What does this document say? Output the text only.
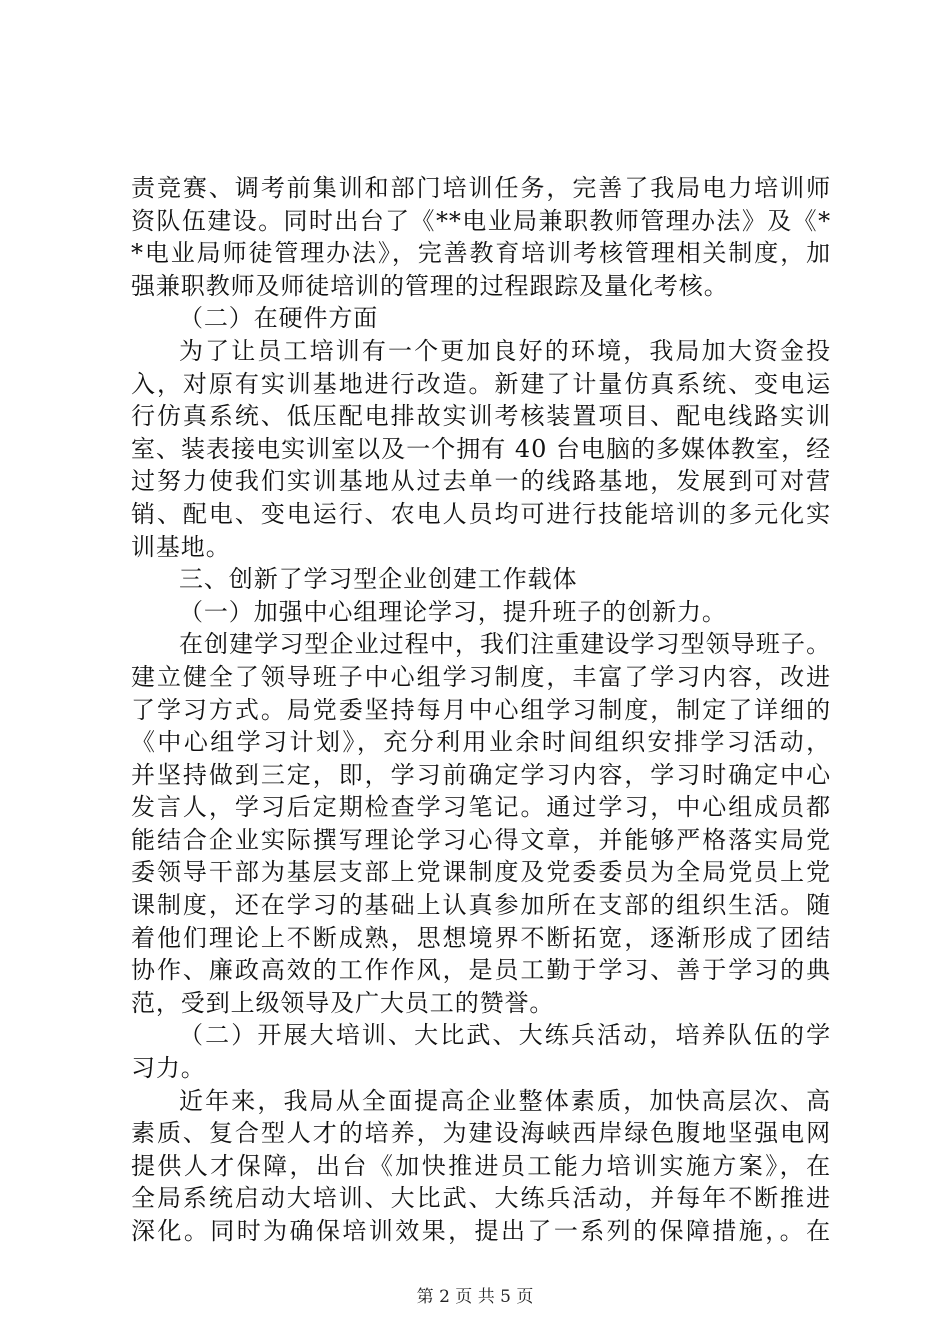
责竞赛、调考前集训和部门培训任务，完善了我局电力培训师
资队伍建设。同时出台了《**电业局兼职教师管理办法》及《*
*电业局师徒管理办法》，完善教育培训考核管理相关制度，加
强兼职教师及师徒培训的管理的过程跟踪及量化考核。
（二）在硬件方面
为了让员工培训有一个更加良好的环境，我局加大资金投
入，对原有实训基地进行改造。新建了计量仿真系统、变电运
行仿真系统、低压配电排故实训考核装置项目、配电线路实训
室、装表接电实训室以及一个拥有 40 台电脑的多媒体教室，经
过努力使我们实训基地从过去单一的线路基地，发展到可对营
销、配电、变电运行、农电人员均可进行技能培训的多元化实
训基地。
三、创新了学习型企业创建工作载体
（一）加强中心组理论学习，提升班子的创新力。
在创建学习型企业过程中，我们注重建设学习型领导班子。
建立健全了领导班子中心组学习制度，丰富了学习内容，改进
了学习方式。局党委坚持每月中心组学习制度，制定了详细的
《中心组学习计划》，充分利用业余时间组织安排学习活动，
并坚持做到三定，即，学习前确定学习内容，学习时确定中心
发言人，学习后定期检查学习笔记。通过学习，中心组成员都
能结合企业实际撰写理论学习心得文章，并能够严格落实局党
委领导干部为基层支部上党课制度及党委委员为全局党员上党
课制度，还在学习的基础上认真参加所在支部的组织生活。随
着他们理论上不断成熟，思想境界不断拓宽，逐渐形成了团结
协作、廉政高效的工作作风，是员工勤于学习、善于学习的典
范，受到上级领导及广大员工的赞誉。
（二）开展大培训、大比武、大练兵活动，培养队伍的学
习力。
近年来，我局从全面提高企业整体素质，加快高层次、高
素质、复合型人才的培养，为建设海峡西岸绿色腹地坚强电网
提供人才保障，出台《加快推进员工能力培训实施方案》，在
全局系统启动大培训、大比武、大练兵活动，并每年不断推进
深化。同时为确保培训效果，提出了一系列的保障措施，。在
第 2 页 共 5 页
